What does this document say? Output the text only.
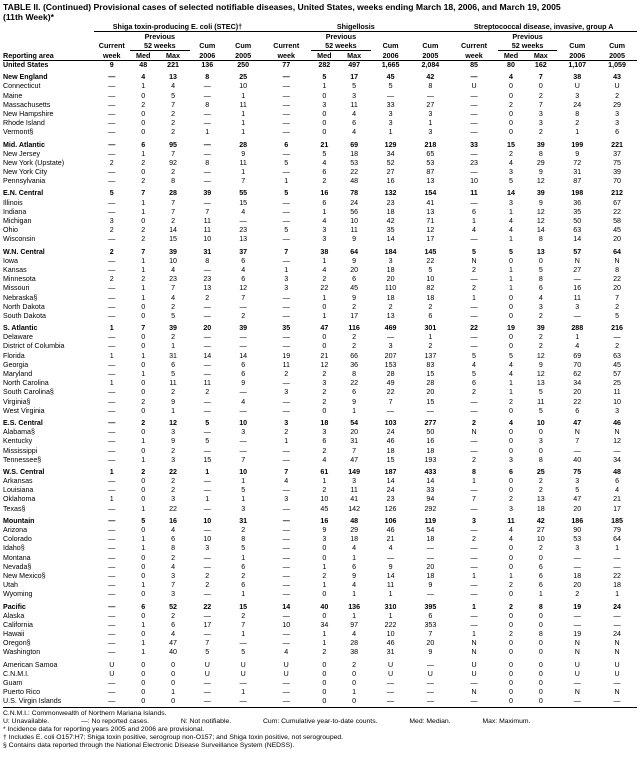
TABLE II. (Continued) Provisional cases of selected notifiable diseases, United States, weeks ending March 18, 2006, and March 19, 2005
(11th Week)*
	Shiga toxin-producing E. coli (STEC)†					Shigellosis					Streptococcal disease, invasive, group A				
		Previous					Previous					Previous			
	Current	52 weeks		Cum	Cum	Current	52 weeks		Cum	Cum	Current	52 weeks		Cum	Cum
Reporting area	week	Med	Max	2006	2005	week	Med	Max	2006	2005	week	Med	Max	2006	2005
United States	9	48	221	136	250	77	282	497	1,665	2,084	85	80	162	1,107	1,059

New England	—	4	13	8	25	—	5	17	45	42	—	4	7	38	43
Connecticut	—	1	4	—	10	—	1	5	5	8	U	0	0	U	U
Maine	—	0	5	—	1	—	0	3	—	—	—	0	2	3	2
Massachusetts	—	2	7	8	11	—	3	11	33	27	—	2	7	24	29
New Hampshire	—	0	2	—	1	—	0	4	3	3	—	0	3	8	3
Rhode Island	—	0	2	—	1	—	0	6	3	1	—	0	3	2	3
Vermont§	—	0	2	1	1	—	0	4	1	3	—	0	2	1	6

Mid. Atlantic	—	6	95	—	28	6	21	69	129	218	33	15	39	199	221
New Jersey	—	1	7	—	9	—	5	18	34	65	—	2	8	9	37
New York (Upstate)	2	2	92	8	11	5	4	53	52	53	23	4	29	72	75
New York City	—	0	2	—	1	—	6	22	27	87	—	3	9	31	39
Pennsylvania	—	2	8	—	7	1	2	48	16	13	10	5	12	87	70

E.N. Central	5	7	28	39	55	5	16	78	132	154	11	14	39	198	212
Illinois	—	1	7	—	15	—	6	24	23	41	—	3	9	36	67
Indiana	—	1	7	7	4	—	1	56	18	13	6	1	12	35	22
Michigan	3	0	2	11	—	—	4	10	42	71	1	4	12	50	58
Ohio	2	2	14	11	23	5	3	11	35	12	4	4	14	63	45
Wisconsin	—	2	15	10	13	—	3	9	14	17	—	1	8	14	20

W.N. Central	2	7	39	31	37	7	38	64	184	145	5	5	13	57	64
Iowa	—	1	10	8	6	—	1	9	3	22	N	0	0	N	N
Kansas	—	1	4	—	4	1	4	20	18	5	2	1	5	27	8
Minnesota	2	2	23	23	6	3	2	6	20	10	—	1	8	—	22
Missouri	—	1	7	13	12	3	22	45	110	82	2	1	6	16	20
Nebraska§	—	1	4	2	7	—	1	9	18	18	1	0	4	11	7
North Dakota	—	0	2	—	—	—	0	2	2	2	—	0	3	3	2
South Dakota	—	0	5	—	2	—	1	17	13	6	—	0	2	—	5

S. Atlantic	1	7	39	20	39	35	47	116	469	301	22	19	39	288	216
Delaware	—	0	2	—	—	—	0	2	—	1	—	0	2	1	—
District of Columbia	—	0	1	—	—	—	0	2	3	2	—	0	2	4	2
Florida	1	1	31	14	14	19	21	66	207	137	5	5	12	69	63
Georgia	—	0	6	—	6	11	12	36	153	83	4	4	9	70	45
Maryland	—	1	5	—	6	2	2	8	28	15	5	4	12	62	57
North Carolina	1	0	11	11	9	—	3	22	49	28	6	1	13	34	25
South Carolina§	—	0	2	2	—	3	2	6	22	20	2	1	5	20	11
Virginia§	—	2	9	—	4	—	2	9	7	15	—	2	11	22	10
West Virginia	—	0	1	—	—	—	0	1	—	—	—	0	5	6	3

E.S. Central	—	2	12	5	10	3	18	54	103	277	2	4	10	47	46
Alabama§	—	0	3	—	3	2	3	20	24	50	N	0	0	N	N
Kentucky	—	1	9	5	—	1	6	31	46	16	—	0	3	7	12
Mississippi	—	0	2	—	—	—	2	7	18	18	—	0	0	—	—
Tennessee§	—	1	3	15	7	—	4	47	15	193	2	3	8	40	34

W.S. Central	1	2	22	1	10	7	61	149	187	433	8	6	25	75	48
Arkansas	—	0	2	—	1	4	1	3	14	14	1	0	2	3	6
Louisiana	—	0	2	—	5	—	2	11	24	33	—	0	2	5	4
Oklahoma	1	0	3	1	1	3	10	41	23	94	7	2	13	47	21
Texas§	—	1	22	—	3	—	45	142	126	292	—	3	18	20	17

Mountain	—	5	16	10	31	—	16	48	106	119	3	11	42	186	185
Arizona	—	0	4	—	2	—	9	29	46	54	—	4	27	90	79
Colorado	—	1	6	10	8	—	3	18	21	18	2	4	10	53	64
Idaho§	—	1	8	3	5	—	0	4	4	—	—	0	2	3	1
Montana	—	0	2	—	1	—	0	1	—	—	—	0	0	—	—
Nevada§	—	0	4	—	6	—	1	6	9	20	—	0	6	—	—
New Mexico§	—	0	3	2	2	—	2	9	14	18	1	1	6	18	22
Utah	—	1	7	2	6	—	1	4	11	9	—	2	6	20	18
Wyoming	—	0	3	—	1	—	0	1	1	—	—	0	1	2	1

Pacific	—	6	52	22	15	14	40	136	310	395	1	2	8	19	24
Alaska	—	0	2	—	2	—	0	1	1	6	—	0	0	—	—
California	—	1	6	17	7	10	34	97	222	353	—	0	0	—	—
Hawaii	—	0	4	—	1	—	1	4	10	7	1	2	8	19	24
Oregon§	—	1	47	7	—	—	1	28	46	20	N	0	0	N	N
Washington	—	1	40	5	5	4	2	38	31	9	N	0	0	N	N

American Samoa	U	0	0	U	U	U	0	2	U	—	U	0	0	U	U
C.N.M.I.	U	0	0	U	U	U	0	0	U	U	U	0	0	U	U
Guam	—	0	0	—	—	—	0	0	—	—	—	0	0	—	—
Puerto Rico	—	0	1	—	1	—	0	1	—	—	N	0	0	N	N
U.S. Virgin Islands	—	0	0	—	—	—	0	0	—	—	—	0	0	—	—
C.N.M.I.: Commonwealth of Northern Mariana Islands.
U: Unavailable.	—: No reported cases.	N: Not notifiable.	Cum: Cumulative year-to-date counts.	Med: Median.	Max: Maximum.
* Incidence data for reporting years 2005 and 2006 are provisional.
† Includes E. coli O157:H7; Shiga toxin positive, serogroup non-O157; and Shiga toxin positive, not serogrouped.
§ Contains data reported through the National Electronic Disease Surveillance System (NEDSS).
